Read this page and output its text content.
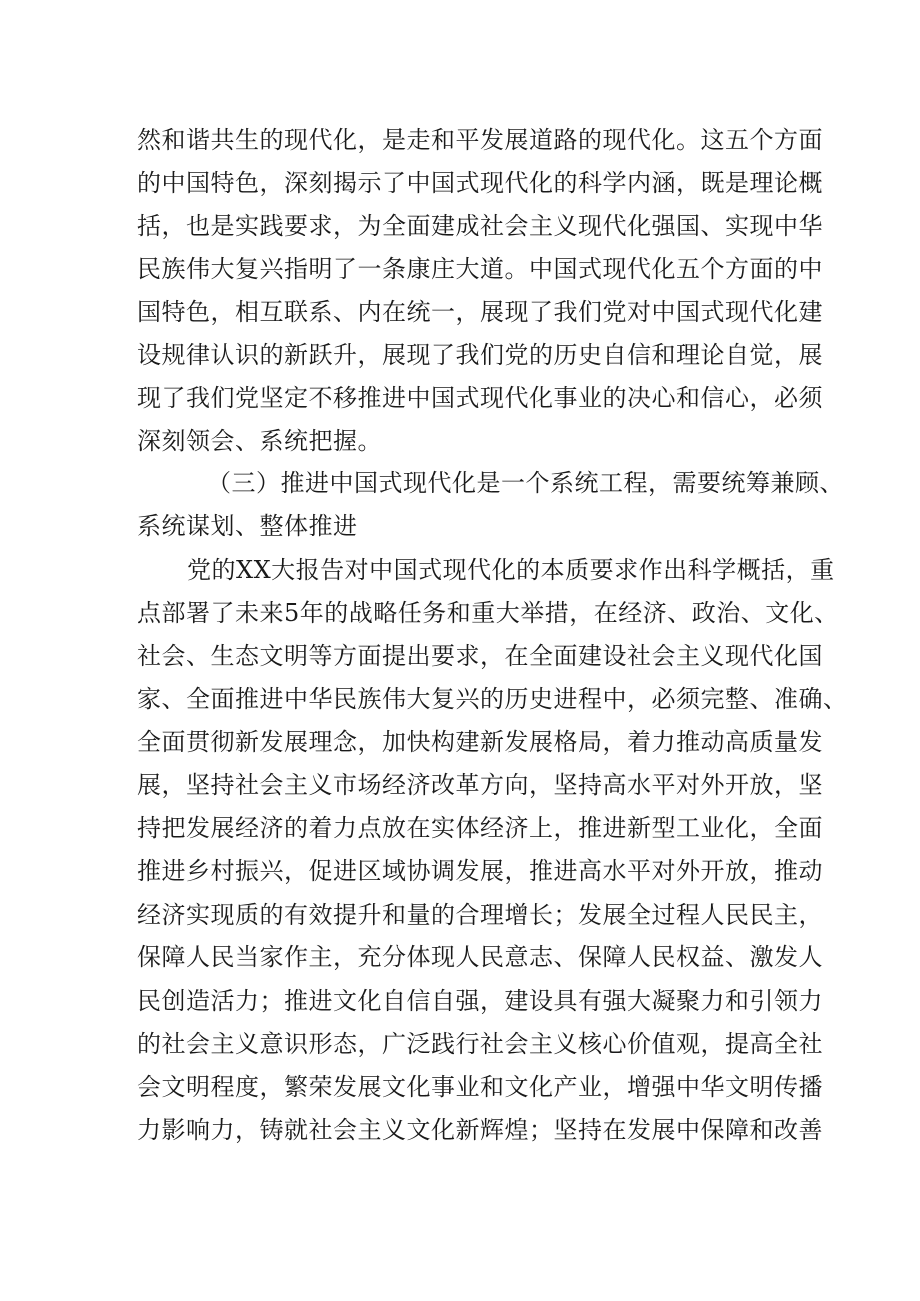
然和谐共生的现代化，是走和平发展道路的现代化。这五个方面
的中国特色，深刻揭示了中国式现代化的科学内涵，既是理论概
括，也是实践要求，为全面建成社会主义现代化强国、实现中华
民族伟大复兴指明了一条康庄大道。中国式现代化五个方面的中
国特色，相互联系、内在统一，展现了我们党对中国式现代化建
设规律认识的新跃升，展现了我们党的历史自信和理论自觉，展
现了我们党坚定不移推进中国式现代化事业的决心和信心，必须
深刻领会、系统把握。
（三）推进中国式现代化是一个系统工程，需要统筹兼顾、
系统谋划、整体推进
党的XX大报告对中国式现代化的本质要求作出科学概括，重
点部署了未来5年的战略任务和重大举措，在经济、政治、文化、
社会、生态文明等方面提出要求，在全面建设社会主义现代化国
家、全面推进中华民族伟大复兴的历史进程中，必须完整、准确、
全面贯彻新发展理念，加快构建新发展格局，着力推动高质量发
展，坚持社会主义市场经济改革方向，坚持高水平对外开放，坚
持把发展经济的着力点放在实体经济上，推进新型工业化，全面
推进乡村振兴，促进区域协调发展，推进高水平对外开放，推动
经济实现质的有效提升和量的合理增长；发展全过程人民民主，
保障人民当家作主，充分体现人民意志、保障人民权益、激发人
民创造活力；推进文化自信自强，建设具有强大凝聚力和引领力
的社会主义意识形态，广泛践行社会主义核心价值观，提高全社
会文明程度，繁荣发展文化事业和文化产业，增强中华文明传播
力影响力，铸就社会主义文化新辉煌；坚持在发展中保障和改善
